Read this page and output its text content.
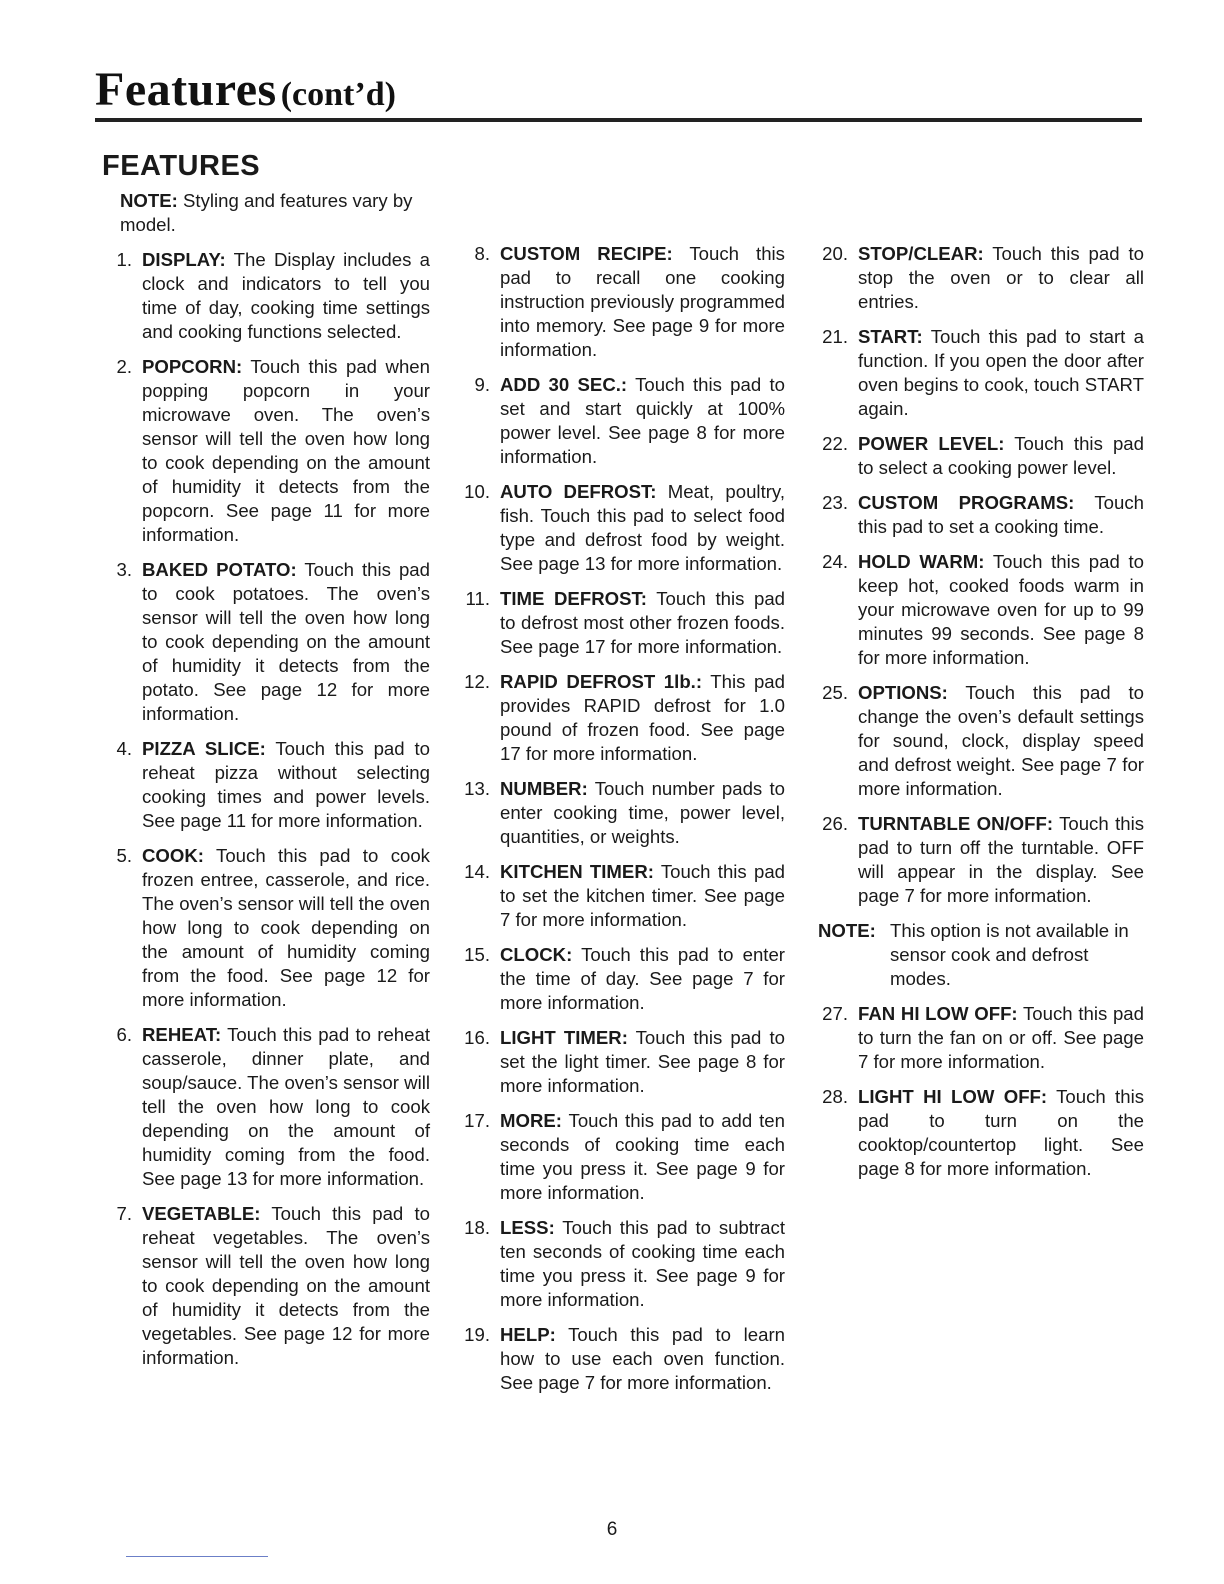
Features (cont’d)
FEATURES
NOTE: Styling and features vary by model.
1. DISPLAY: The Display includes a clock and indicators to tell you time of day, cooking time settings and cooking functions selected.
2. POPCORN: Touch this pad when popping popcorn in your microwave oven. The oven’s sensor will tell the oven how long to cook depending on the amount of humidity it detects from the popcorn. See page 11 for more information.
3. BAKED POTATO: Touch this pad to cook potatoes. The oven’s sensor will tell the oven how long to cook depending on the amount of humidity it detects from the potato. See page 12 for more information.
4. PIZZA SLICE: Touch this pad to reheat pizza without selecting cooking times and power levels. See page 11 for more information.
5. COOK: Touch this pad to cook frozen entree, casserole, and rice. The oven’s sensor will tell the oven how long to cook depending on the amount of humidity coming from the food. See page 12 for more information.
6. REHEAT: Touch this pad to reheat casserole, dinner plate, and soup/sauce. The oven’s sensor will tell the oven how long to cook depending on the amount of humidity coming from the food. See page 13 for more information.
7. VEGETABLE: Touch this pad to reheat vegetables. The oven’s sensor will tell the oven how long to cook depending on the amount of humidity it detects from the vegetables. See page 12 for more information.
8. CUSTOM RECIPE: Touch this pad to recall one cooking instruction previously programmed into memory. See page 9 for more information.
9. ADD 30 SEC.: Touch this pad to set and start quickly at 100% power level. See page 8 for more information.
10. AUTO DEFROST: Meat, poultry, fish. Touch this pad to select food type and defrost food by weight. See page 13 for more information.
11. TIME DEFROST: Touch this pad to defrost most other frozen foods. See page 17 for more information.
12. RAPID DEFROST 1lb.: This pad provides RAPID defrost for 1.0 pound of frozen food. See page 17 for more information.
13. NUMBER: Touch number pads to enter cooking time, power level, quantities, or weights.
14. KITCHEN TIMER: Touch this pad to set the kitchen timer. See page 7 for more information.
15. CLOCK: Touch this pad to enter the time of day. See page 7 for more information.
16. LIGHT TIMER: Touch this pad to set the light timer. See page 8 for more information.
17. MORE: Touch this pad to add ten seconds of cooking time each time you press it. See page 9 for more information.
18. LESS: Touch this pad to subtract ten seconds of cooking time each time you press it. See page 9 for more information.
19. HELP: Touch this pad to learn how to use each oven function. See page 7 for more information.
20. STOP/CLEAR: Touch this pad to stop the oven or to clear all entries.
21. START: Touch this pad to start a function. If you open the door after oven begins to cook, touch START again.
22. POWER LEVEL: Touch this pad to select a cooking power level.
23. CUSTOM PROGRAMS: Touch this pad to set a cooking time.
24. HOLD WARM: Touch this pad to keep hot, cooked foods warm in your microwave oven for up to 99 minutes 99 seconds. See page 8 for more information.
25. OPTIONS: Touch this pad to change the oven’s default settings for sound, clock, display speed and defrost weight. See page 7 for more information.
26. TURNTABLE ON/OFF: Touch this pad to turn off the turntable. OFF will appear in the display. See page 7 for more information.
NOTE: This option is not available in sensor cook and defrost modes.
27. FAN HI LOW OFF: Touch this pad to turn the fan on or off. See page 7 for more information.
28. LIGHT HI LOW OFF: Touch this pad to turn on the cooktop/countertop light. See page 8 for more information.
6
